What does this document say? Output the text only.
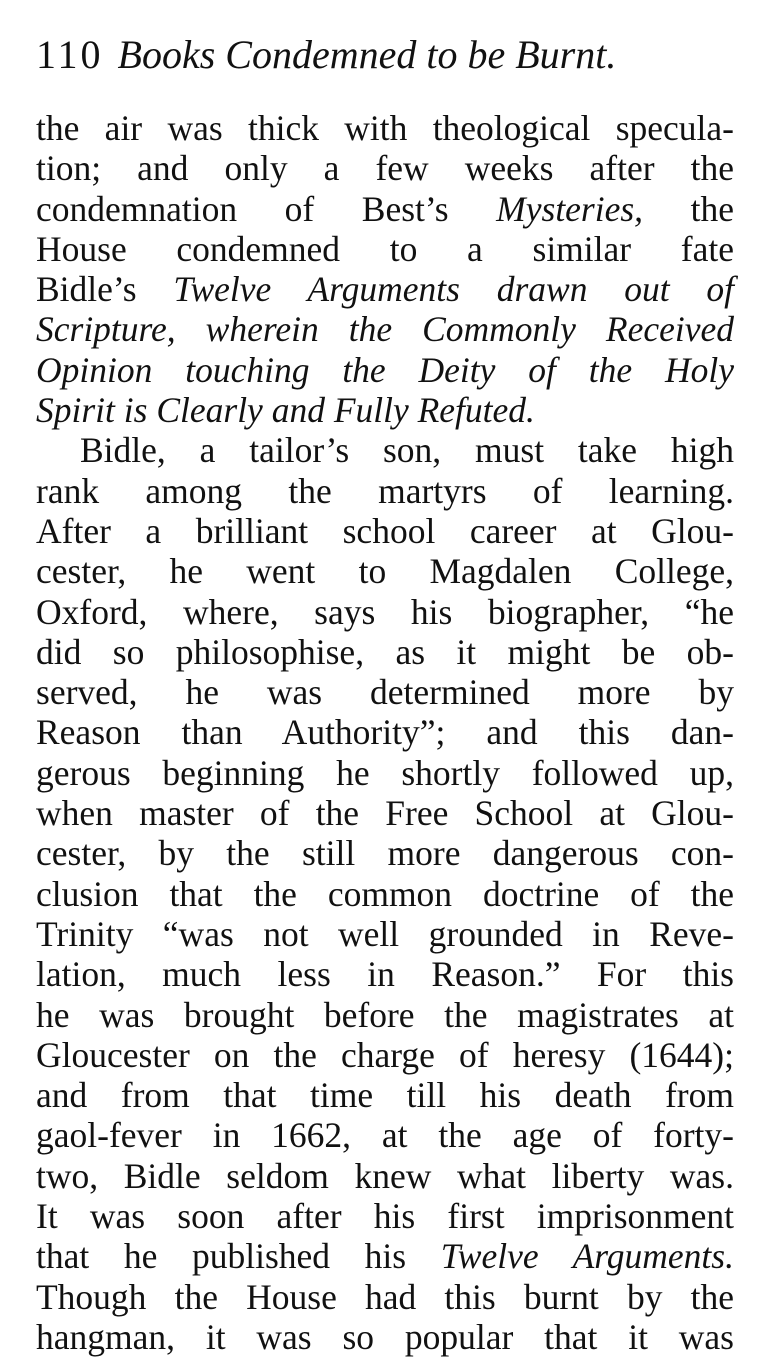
110 Books Condemned to be Burnt.
the air was thick with theological specula-
tion; and only a few weeks after the
condemnation of Best’s Mysteries, the
House condemned to a similar fate
Bidle’s Twelve Arguments drawn out of
Scripture, wherein the Commonly Received
Opinion touching the Deity of the Holy
Spirit is Clearly and Fully Refuted.
Bidle, a tailor’s son, must take high
rank among the martyrs of learning.
After a brilliant school career at Glou-
cester, he went to Magdalen College,
Oxford, where, says his biographer, “he
did so philosophise, as it might be ob-
served, he was determined more by
Reason than Authority”; and this dan-
gerous beginning he shortly followed up,
when master of the Free School at Glou-
cester, by the still more dangerous con-
clusion that the common doctrine of the
Trinity “was not well grounded in Reve-
lation, much less in Reason.” For this
he was brought before the magistrates at
Gloucester on the charge of heresy (1644);
and from that time till his death from
gaol-fever in 1662, at the age of forty-
two, Bidle seldom knew what liberty was.
It was soon after his first imprisonment
that he published his Twelve Arguments.
Though the House had this burnt by the
hangman, it was so popular that it was
